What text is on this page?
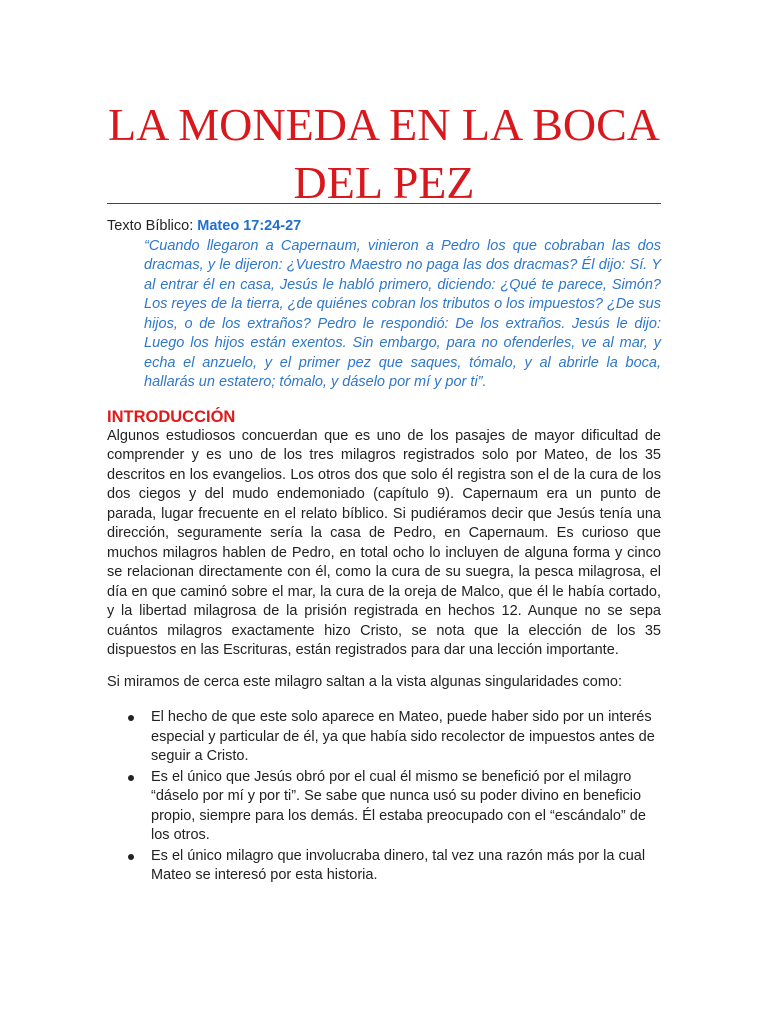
LA MONEDA EN LA BOCA DEL PEZ

Texto Bíblico: Mateo 17:24-27

“Cuando llegaron a Capernaum, vinieron a Pedro los que cobraban las dos dracmas, y le dijeron: ¿Vuestro Maestro no paga las dos dracmas? Él dijo: Sí. Y al entrar él en casa, Jesús le habló primero, diciendo: ¿Qué te parece, Simón? Los reyes de la tierra, ¿de quiénes cobran los tributos o los impuestos? ¿De sus hijos, o de los extraños? Pedro le respondió: De los extraños. Jesús le dijo: Luego los hijos están exentos. Sin embargo, para no ofenderles, ve al mar, y echa el anzuelo, y el primer pez que saques, tómalo, y al abrirle la boca, hallarás un estatero; tómalo, y dáselo por mí y por ti”.

INTRODUCCIÓN

Algunos estudiosos concuerdan que es uno de los pasajes de mayor dificultad de comprender y es uno de los tres milagros registrados solo por Mateo, de los 35 descritos en los evangelios. Los otros dos que solo él registra son el de la cura de los dos ciegos y del mudo endemoniado (capítulo 9). Capernaum era un punto de parada, lugar frecuente en el relato bíblico. Si pudiéramos decir que Jesús tenía una dirección, seguramente sería la casa de Pedro, en Capernaum. Es curioso que muchos milagros hablen de Pedro, en total ocho lo incluyen de alguna forma y cinco se relacionan directamente con él, como la cura de su suegra, la pesca milagrosa, el día en que caminó sobre el mar, la cura de la oreja de Malco, que él le había cortado, y la libertad milagrosa de la prisión registrada en hechos 12. Aunque no se sepa cuántos milagros exactamente hizo Cristo, se nota que la elección de los 35 dispuestos en las Escrituras, están registrados para dar una lección importante.

Si miramos de cerca este milagro saltan a la vista algunas singularidades como:

El hecho de que este solo aparece en Mateo, puede haber sido por un interés especial y particular de él, ya que había sido recolector de impuestos antes de seguir a Cristo.
Es el único que Jesús obró por el cual él mismo se benefició por el milagro “dáselo por mí y por ti”. Se sabe que nunca usó su poder divino en beneficio propio, siempre para los demás. Él estaba preocupado con el “escándalo” de los otros.
Es el único milagro que involucraba dinero, tal vez una razón más por la cual Mateo se interesó por esta historia.
